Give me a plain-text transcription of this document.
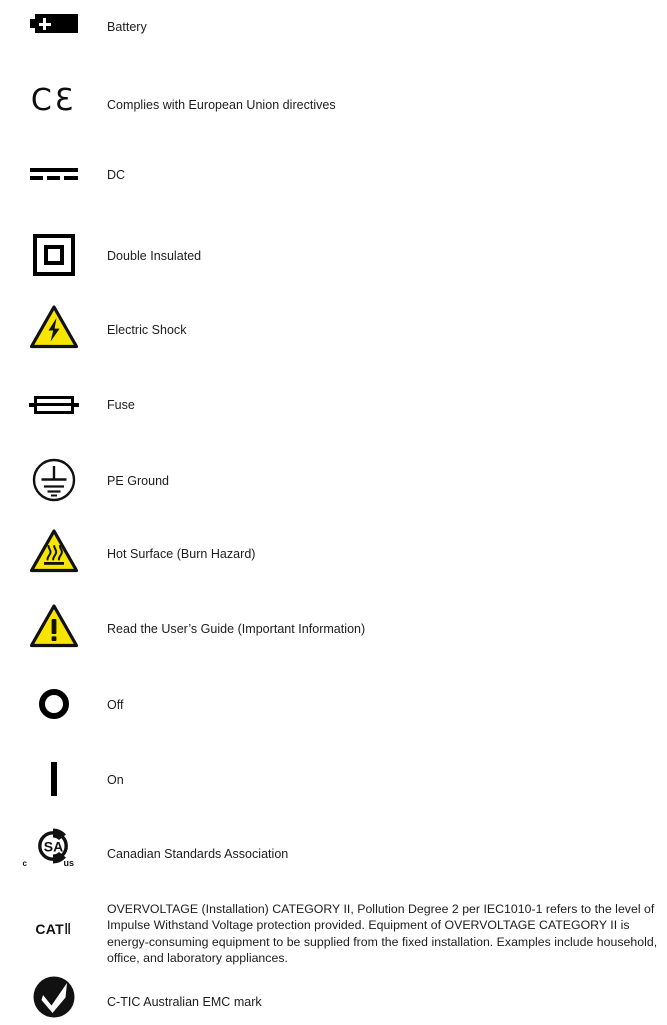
Battery
CƐ Complies with European Union directives
DC
Double Insulated
Electric Shock
Fuse
PE Ground
Hot Surface (Burn Hazard)
Read the User’s Guide (Important Information)
Off
On
SA
c	us
Canadian Standards Association
CATⅡ
OVERVOLTAGE (Installation) CATEGORY II, Pollution Degree 2 per IEC1010-1 refers to the level of Impulse Withstand Voltage protection provided. Equipment of OVERVOLTAGE CATEGORY II is energy-consuming equipment to be supplied from the fixed installation. Examples include household, office, and laboratory appliances.
C-TIC Australian EMC mark
